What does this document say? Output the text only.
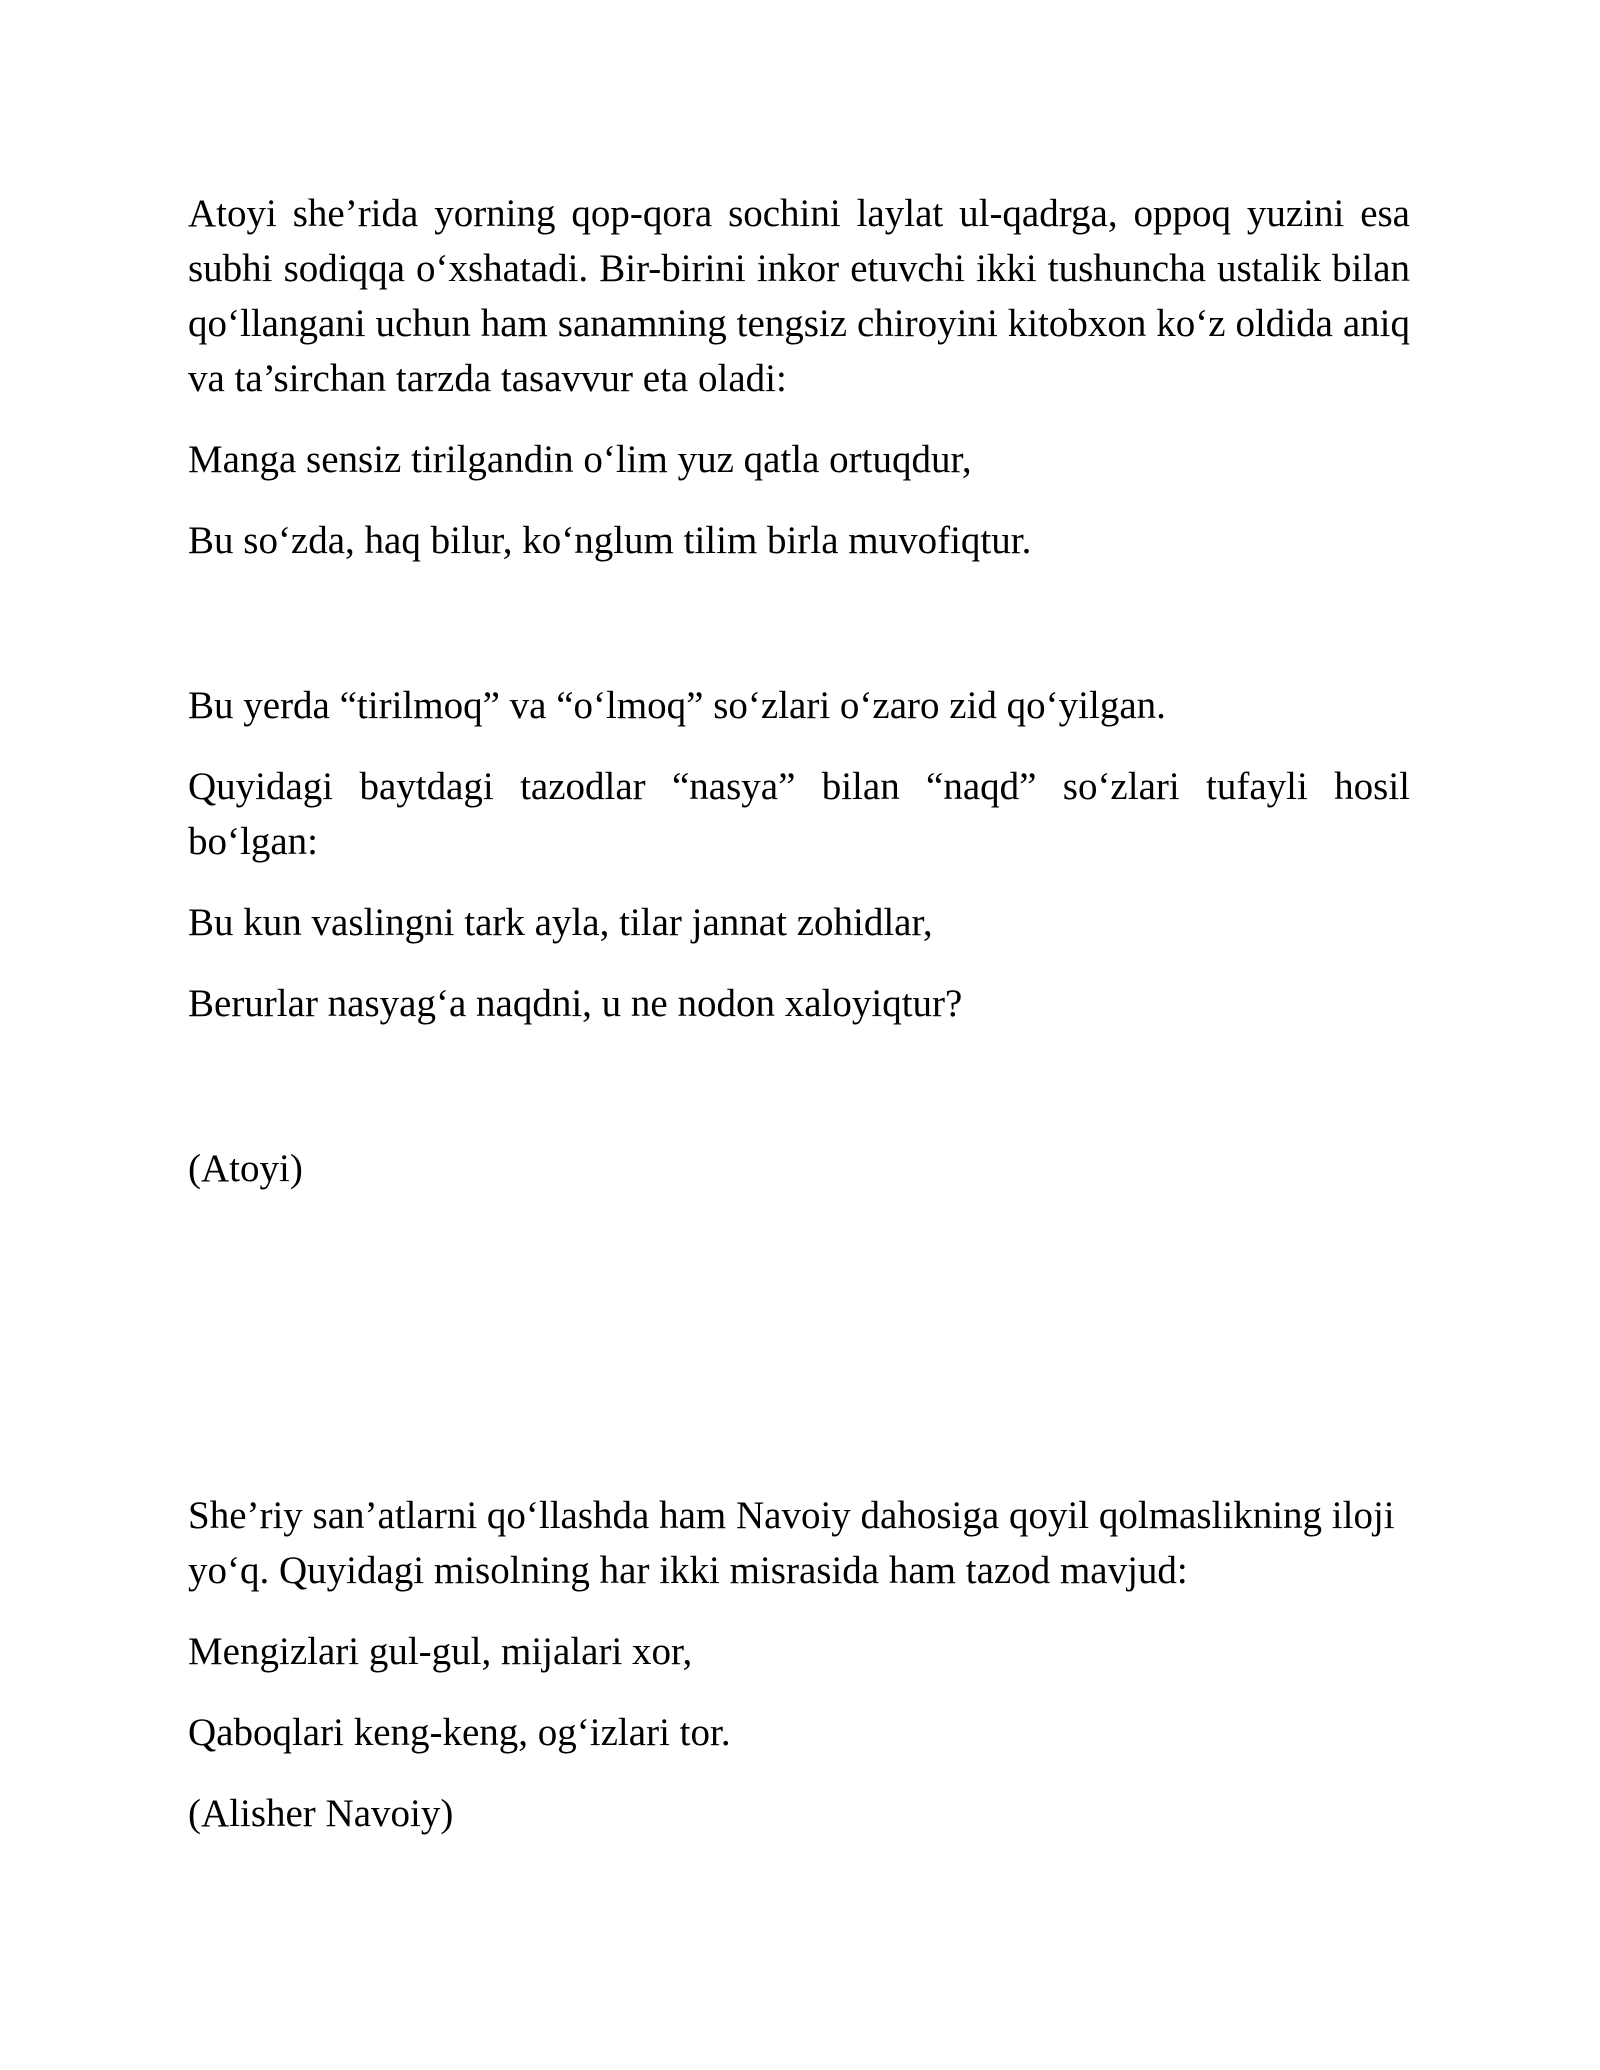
Atoyi she’rida yorning qop-qora sochini laylat ul-qadrga, oppoq yuzini esa subhi sodiqqa o‘xshatadi. Bir-birini inkor etuvchi ikki tushuncha ustalik bilan qo‘llangani uchun ham sanamning tengsiz chiroyini kitobxon ko‘z oldida aniq va ta’sirchan tarzda tasavvur eta oladi:

Manga sensiz tirilgandin o‘lim yuz qatla ortuqdur,

Bu so‘zda, haq bilur, ko‘nglum tilim birla muvofiqtur.

Bu yerda “tirilmoq” va “o‘lmoq” so‘zlari o‘zaro zid qo‘yilgan.

Quyidagi baytdagi tazodlar “nasya” bilan “naqd” so‘zlari tufayli hosil bo‘lgan:

Bu kun vaslingni tark ayla, tilar jannat zohidlar,

Berurlar nasyag‘a naqdni, u ne nodon xaloyiqtur?

(Atoyi)

She’riy san’atlarni qo‘llashda ham Navoiy dahosiga qoyil qolmaslikning iloji yo‘q. Quyidagi misolning har ikki misrasida ham tazod mavjud:

Mengizlari gul-gul, mijalari xor,

Qaboqlari keng-keng, og‘izlari tor.

(Alisher Navoiy)
